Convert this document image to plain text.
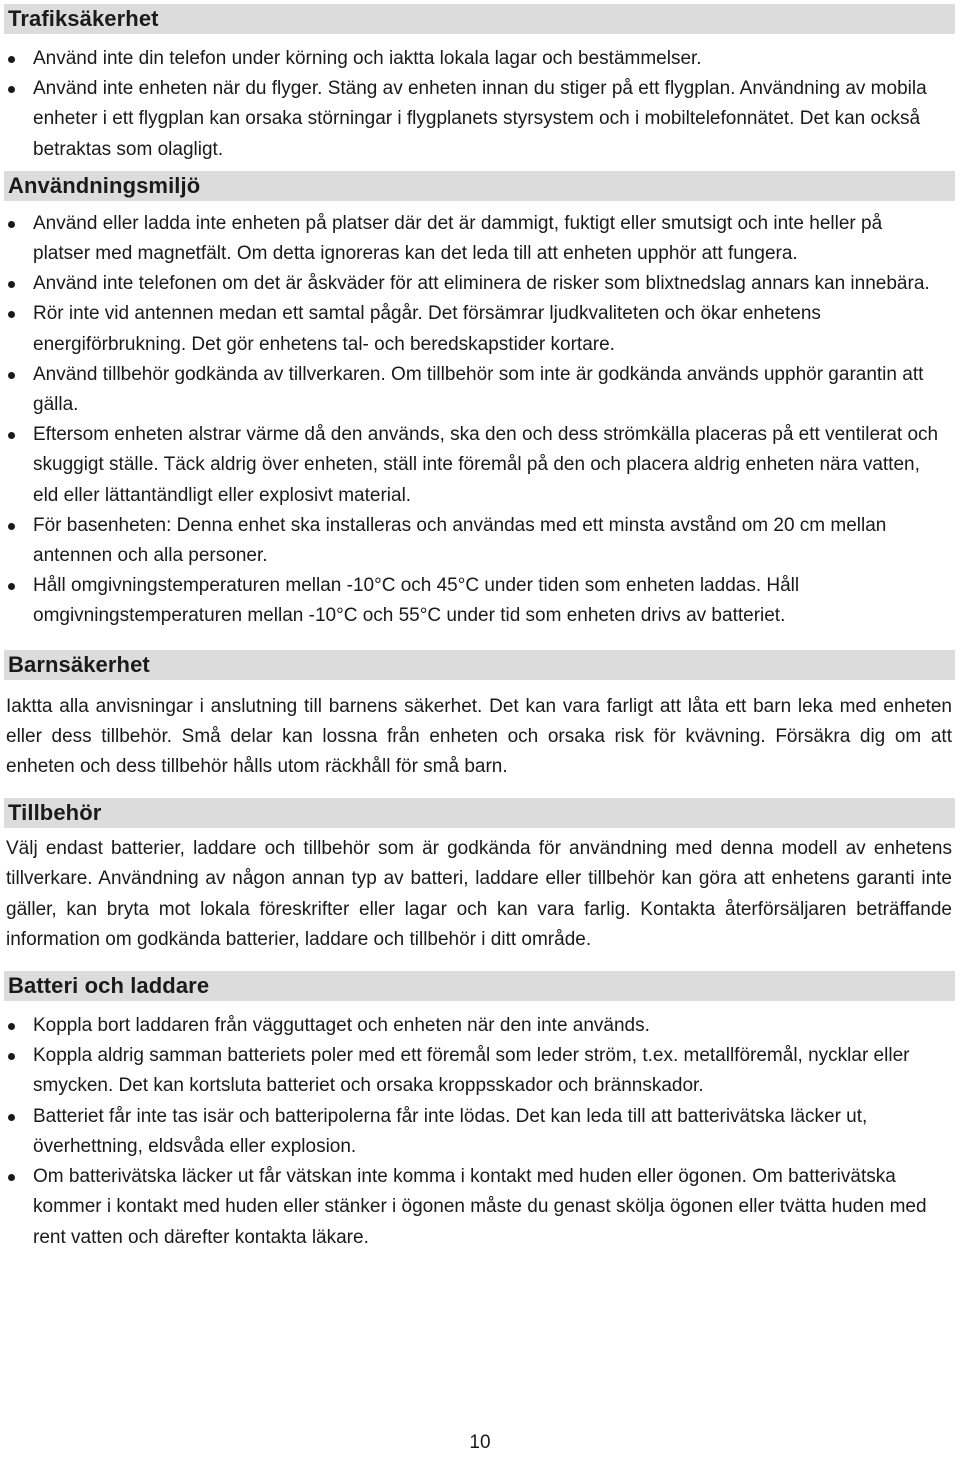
Trafiksäkerhet
Använd inte din telefon under körning och iaktta lokala lagar och bestämmelser.
Använd inte enheten när du flyger. Stäng av enheten innan du stiger på ett flygplan. Användning av mobila enheter i ett flygplan kan orsaka störningar i flygplanets styrsystem och i mobiltelefonnätet. Det kan också betraktas som olagligt.
Användningsmiljö
Använd eller ladda inte enheten på platser där det är dammigt, fuktigt eller smutsigt och inte heller på platser med magnetfält. Om detta ignoreras kan det leda till att enheten upphör att fungera.
Använd inte telefonen om det är åskväder för att eliminera de risker som blixtnedslag annars kan innebära.
Rör inte vid antennen medan ett samtal pågår. Det försämrar ljudkvaliteten och ökar enhetens energiförbrukning. Det gör enhetens tal- och beredskapstider kortare.
Använd tillbehör godkända av tillverkaren. Om tillbehör som inte är godkända används upphör garantin att gälla.
Eftersom enheten alstrar värme då den används, ska den och dess strömkälla placeras på ett ventilerat och skuggigt ställe. Täck aldrig över enheten, ställ inte föremål på den och placera aldrig enheten nära vatten, eld eller lättantändligt eller explosivt material.
För basenheten: Denna enhet ska installeras och användas med ett minsta avstånd om 20 cm mellan antennen och alla personer.
Håll omgivningstemperaturen mellan -10°C och 45°C under tiden som enheten laddas. Håll omgivningstemperaturen mellan -10°C och 55°C under tid som enheten drivs av batteriet.
Barnsäkerhet
Iaktta alla anvisningar i anslutning till barnens säkerhet. Det kan vara farligt att låta ett barn leka med enheten eller dess tillbehör. Små delar kan lossna från enheten och orsaka risk för kvävning. Försäkra dig om att enheten och dess tillbehör hålls utom räckhåll för små barn.
Tillbehör
Välj endast batterier, laddare och tillbehör som är godkända för användning med denna modell av enhetens tillverkare. Användning av någon annan typ av batteri, laddare eller tillbehör kan göra att enhetens garanti inte gäller, kan bryta mot lokala föreskrifter eller lagar och kan vara farlig. Kontakta återförsäljaren beträffande information om godkända batterier, laddare och tillbehör i ditt område.
Batteri och laddare
Koppla bort laddaren från vägguttaget och enheten när den inte används.
Koppla aldrig samman batteriets poler med ett föremål som leder ström, t.ex. metallföremål, nycklar eller smycken. Det kan kortsluta batteriet och orsaka kroppsskador och brännskador.
Batteriet får inte tas isär och batteripolerna får inte lödas. Det kan leda till att batterivätska läcker ut, överhettning, eldsvåda eller explosion.
Om batterivätska läcker ut får vätskan inte komma i kontakt med huden eller ögonen. Om batterivätska kommer i kontakt med huden eller stänker i ögonen måste du genast skölja ögonen eller tvätta huden med rent vatten och därefter kontakta läkare.
10
